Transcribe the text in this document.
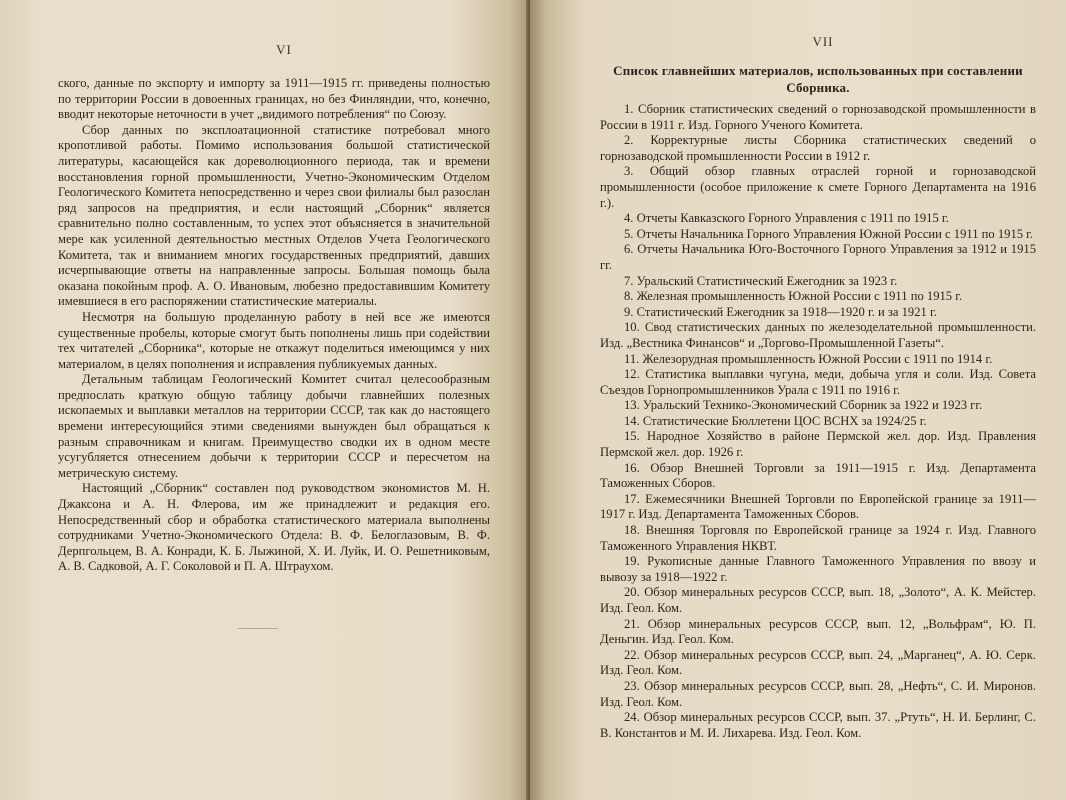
VI

ского, данные по экспорту и импорту за 1911—1915 гг. приведены полностью по территории России в довоенных границах, но без Финляндии, что, конечно, вводит некоторые неточности в учет „видимого потребления“ по Союзу.

Сбор данных по эксплоатационной статистике потребовал много кропотливой работы. Помимо использования большой статистической литературы, касающейся как дореволюционного периода, так и времени восстановления горной промышленности, Учетно-Экономическим Отделом Геологического Комитета непосредственно и через свои филиалы был разослан ряд запросов на предприятия, и если настоящий „Сборник“ является сравнительно полно составленным, то успех этот объясняется в значительной мере как усиленной деятельностью местных Отделов Учета Геологического Комитета, так и вниманием многих государственных предприятий, давших исчерпывающие ответы на направленные запросы. Большая помощь была оказана покойным проф. А. О. Ивановым, любезно предоставившим Комитету имевшиеся в его распоряжении статистические материалы.

Несмотря на большую проделанную работу в ней все же имеются существенные пробелы, которые смогут быть пополнены лишь при содействии тех читателей „Сборника“, которые не откажут поделиться имеющимся у них материалом, в целях пополнения и исправления публикуемых данных.

Детальным таблицам Геологический Комитет считал целесообразным предпослать краткую общую таблицу добычи главнейших полезных ископаемых и выплавки металлов на территории СССР, так как до настоящего времени интересующийся этими сведениями вынужден был обращаться к разным справочникам и книгам. Преимущество сводки их в одном месте усугубляется отнесением добычи к территории СССР и пересчетом на метрическую систему.

Настоящий „Сборник“ составлен под руководством экономистов М. Н. Джаксона и А. Н. Флерова, им же принадлежит и редакция его. Непосредственный сбор и обработка статистического материала выполнены сотрудниками Учетно-Экономического Отдела: В. Ф. Белоглазовым, В. Ф. Дерпгольцем, В. А. Конради, К. Б. Лыжиной, Х. И. Луйк, И. О. Решетниковым, А. В. Садковой, А. Г. Соколовой и П. А. Штраухом.

VII
Список главнейших материалов, использованных при составлении Сборника.

1. Сборник статистических сведений о горнозаводской промышленности в России в 1911 г. Изд. Горного Ученого Комитета.

2. Корректурные листы Сборника статистических сведений о горнозаводской промышленности России в 1912 г.

3. Общий обзор главных отраслей горной и горнозаводской промышленности (особое приложение к смете Горного Департамента на 1916 г.).

4. Отчеты Кавказского Горного Управления с 1911 по 1915 г.

5. Отчеты Начальника Горного Управления Южной России с 1911 по 1915 г.

6. Отчеты Начальника Юго-Восточного Горного Управления за 1912 и 1915 гг.

7. Уральский Статистический Ежегодник за 1923 г.

8. Железная промышленность Южной России с 1911 по 1915 г.

9. Статистический Ежегодник за 1918—1920 г. и за 1921 г.

10. Свод статистических данных по железоделательной промышленности. Изд. „Вестника Финансов“ и „Торгово-Промышленной Газеты“.

11. Железорудная промышленность Южной России с 1911 по 1914 г.

12. Статистика выплавки чугуна, меди, добыча угля и соли. Изд. Совета Съездов Горнопромышленников Урала с 1911 по 1916 г.

13. Уральский Технико-Экономический Сборник за 1922 и 1923 гг.

14. Статистические Бюллетени ЦОС ВСНХ за 1924/25 г.

15. Народное Хозяйство в районе Пермской жел. дор. Изд. Правления Пермской жел. дор. 1926 г.

16. Обзор Внешней Торговли за 1911—1915 г. Изд. Департамента Таможенных Сборов.

17. Ежемесячники Внешней Торговли по Европейской границе за 1911—1917 г. Изд. Департамента Таможенных Сборов.

18. Внешняя Торговля по Европейской границе за 1924 г. Изд. Главного Таможенного Управления НКВТ.

19. Рукописные данные Главного Таможенного Управления по ввозу и вывозу за 1918—1922 г.

20. Обзор минеральных ресурсов СССР, вып. 18, „Золото“, А. К. Мейстер. Изд. Геол. Ком.

21. Обзор минеральных ресурсов СССР, вып. 12, „Вольфрам“, Ю. П. Деньгин. Изд. Геол. Ком.

22. Обзор минеральных ресурсов СССР, вып. 24, „Марганец“, А. Ю. Серк. Изд. Геол. Ком.

23. Обзор минеральных ресурсов СССР, вып. 28, „Нефть“, С. И. Миронов. Изд. Геол. Ком.

24. Обзор минеральных ресурсов СССР, вып. 37. „Ртуть“, Н. И. Берлинг, С. В. Константов и М. И. Лихарева. Изд. Геол. Ком.
